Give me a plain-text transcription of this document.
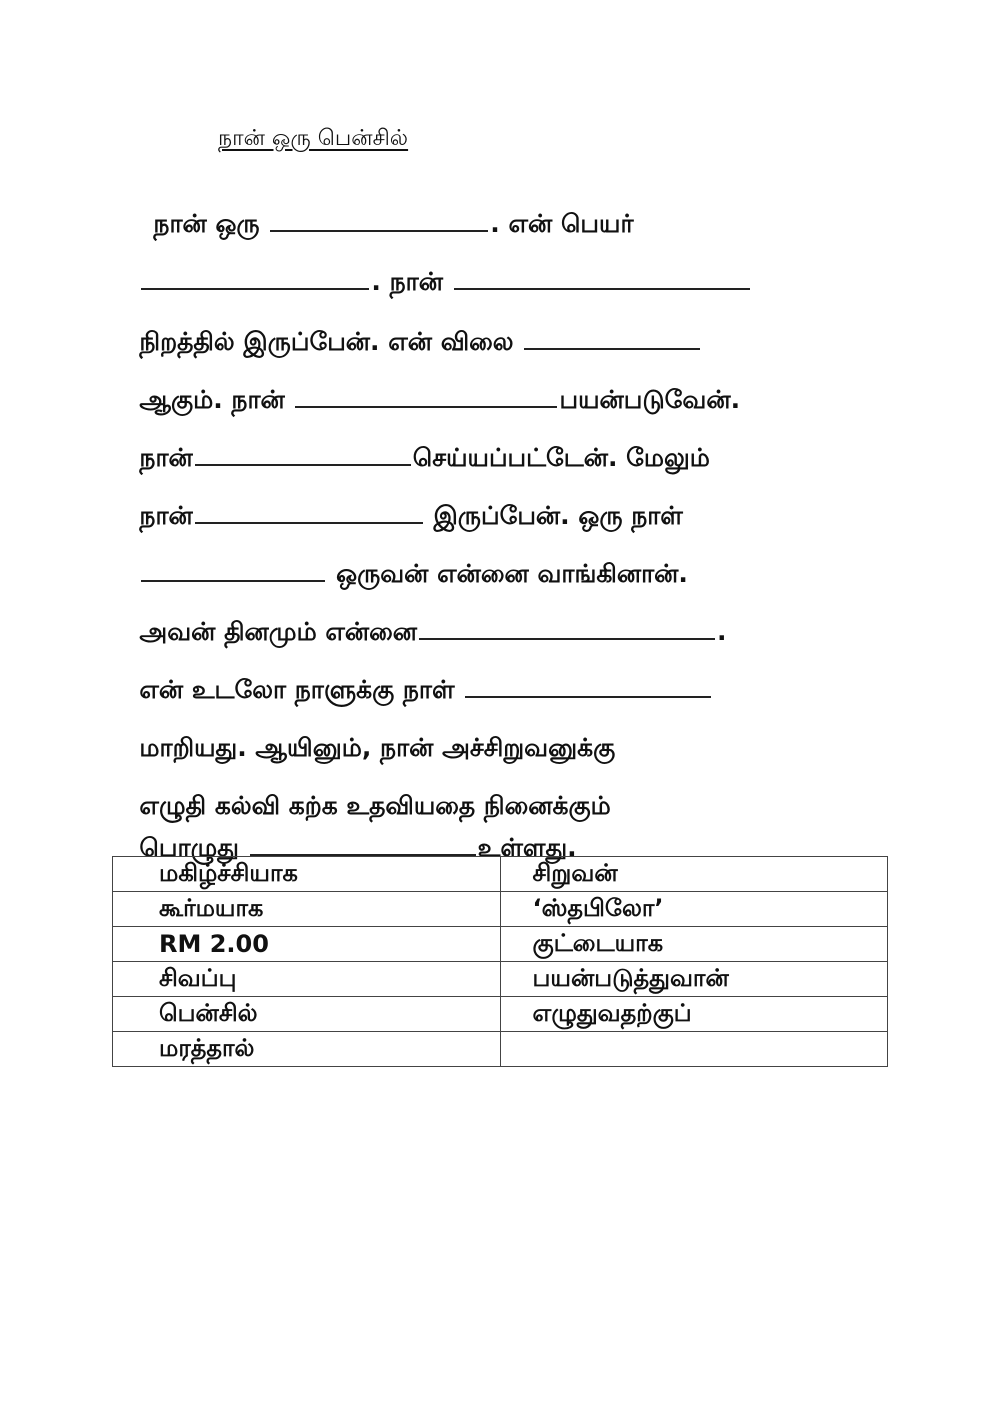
நான் ஒரு பென்சில்

நான் ஒரு	. என் பெயர்

. நான்

நிறத்தில் இருப்பேன். என் விலை

ஆகும். நான்	பயன்படுவேன்.

நான்	செய்யப்பட்டேன். மேலும்

நான்	இருப்பேன். ஒரு நாள்

ஒருவன் என்னை வாங்கினான்.

அவன் தினமும் என்னை	.

என் உடலோ நாளுக்கு நாள்

மாறியது. ஆயினும், நான் அச்சிறுவனுக்கு

எழுதி கல்வி கற்க உதவியதை நினைக்கும்

பொழுது	உள்ளது.

மகிழ்ச்சியாக	சிறுவன்
கூர்மயாக	‘ஸ்தபிலோ’
RM 2.00	குட்டையாக
சிவப்பு	பயன்படுத்துவான்
பென்சில்	எழுதுவதற்குப்
மரத்தால்	
